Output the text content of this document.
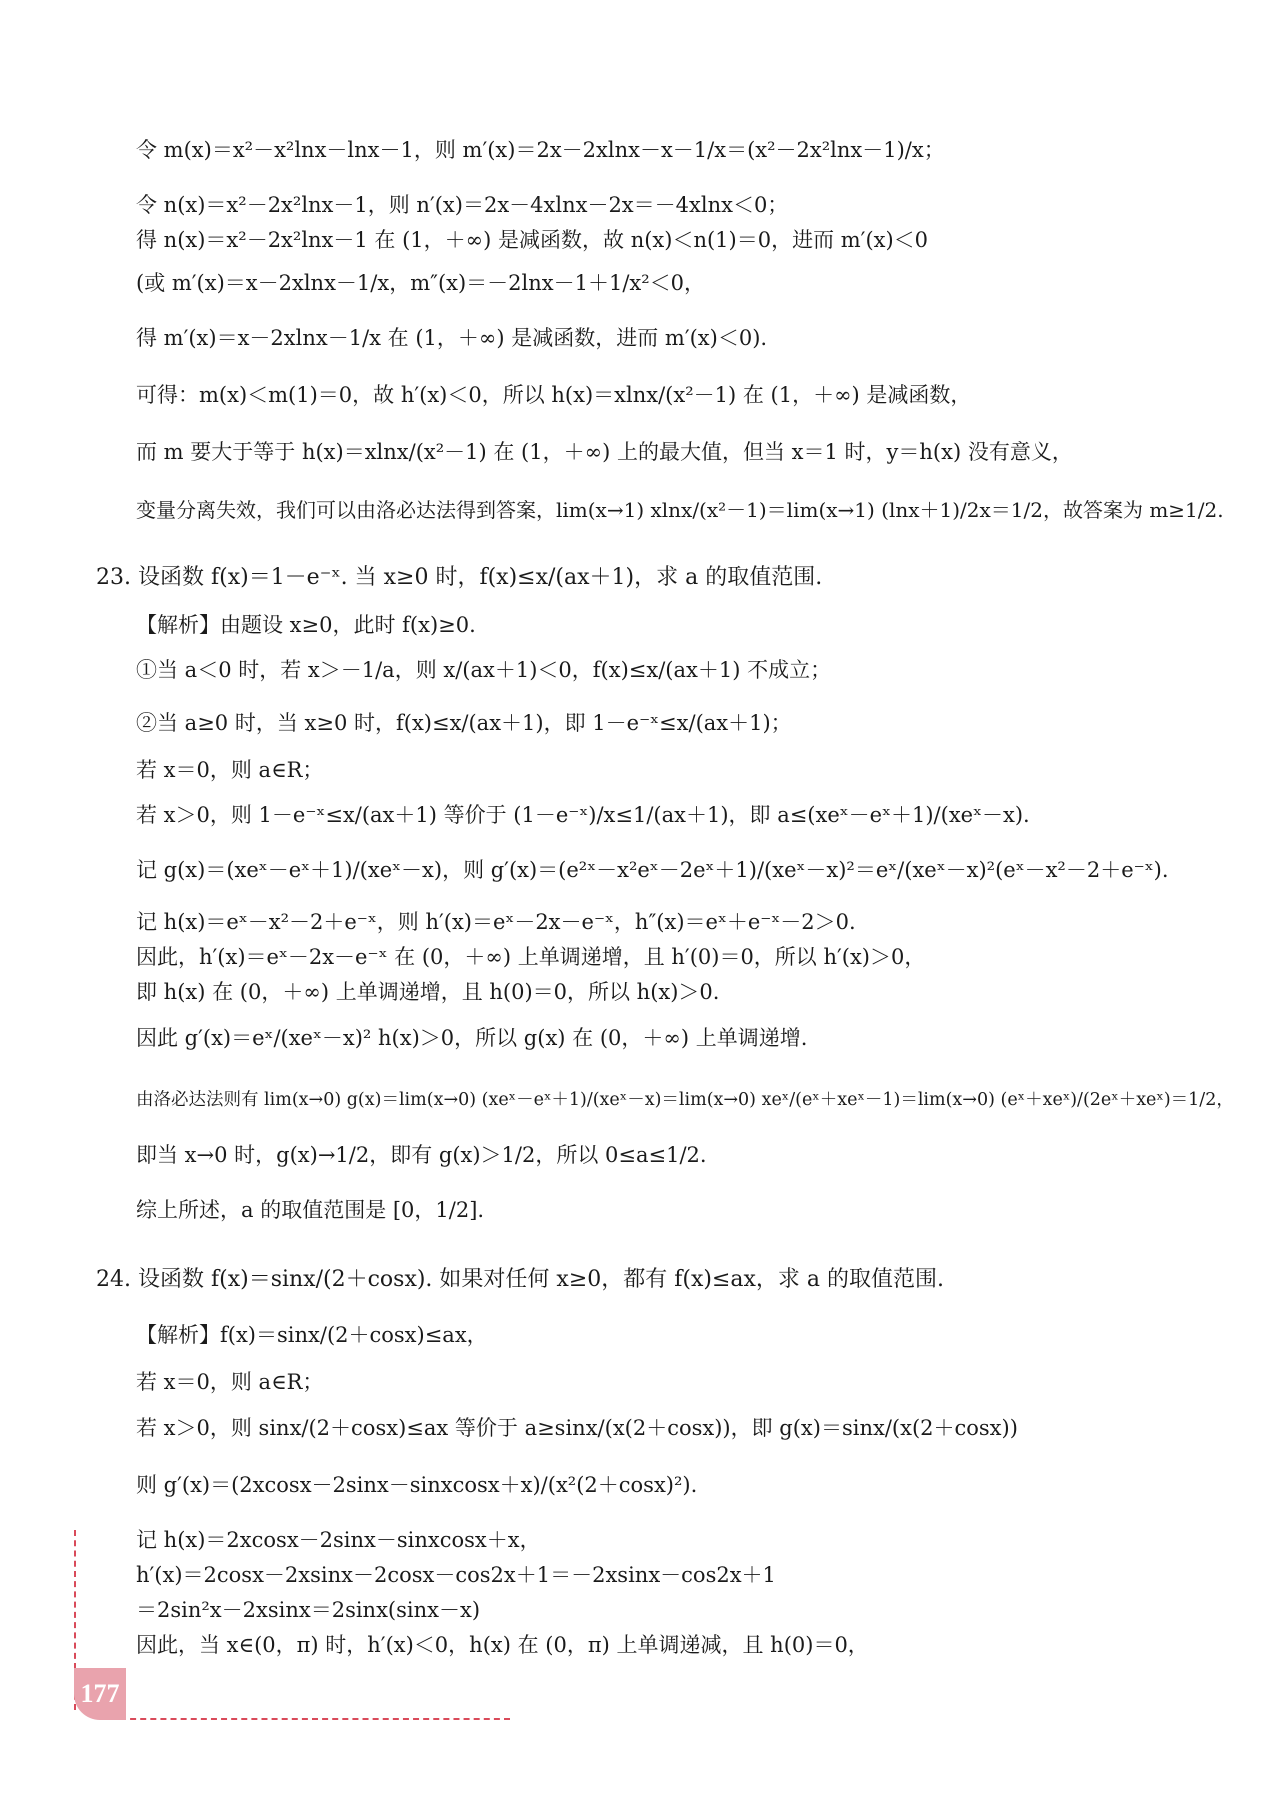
令 m(x)＝x²－x²lnx－lnx－1，则 m′(x)＝2x－2xlnx－x－1/x＝(x²－2x²lnx－1)/x；
令 n(x)＝x²－2x²lnx－1，则 n′(x)＝2x－4xlnx－2x＝－4xlnx＜0；
得 n(x)＝x²－2x²lnx－1 在 (1，＋∞) 是减函数，故 n(x)＜n(1)＝0，进而 m′(x)＜0
(或 m′(x)＝x－2xlnx－1/x，m″(x)＝－2lnx－1＋1/x²＜0，
得 m′(x)＝x－2xlnx－1/x 在 (1，＋∞) 是减函数，进而 m′(x)＜0).
可得：m(x)＜m(1)＝0，故 h′(x)＜0，所以 h(x)＝xlnx/(x²－1) 在 (1，＋∞) 是减函数，
而 m 要大于等于 h(x)＝xlnx/(x²－1) 在 (1，＋∞) 上的最大值，但当 x＝1 时，y＝h(x) 没有意义，
变量分离失效，我们可以由洛必达法得到答案，lim(x→1) xlnx/(x²－1)＝lim(x→1) (lnx＋1)/2x＝1/2，故答案为 m≥1/2.
23. 设函数 f(x)＝1－e⁻ˣ. 当 x≥0 时，f(x)≤x/(ax＋1)，求 a 的取值范围.
【解析】由题设 x≥0，此时 f(x)≥0.
①当 a＜0 时，若 x＞－1/a，则 x/(ax＋1)＜0，f(x)≤x/(ax＋1) 不成立；
②当 a≥0 时，当 x≥0 时，f(x)≤x/(ax＋1)，即 1－e⁻ˣ≤x/(ax＋1)；
若 x＝0，则 a∈R；
若 x＞0，则 1－e⁻ˣ≤x/(ax＋1) 等价于 (1－e⁻ˣ)/x≤1/(ax＋1)，即 a≤(xeˣ－eˣ＋1)/(xeˣ－x).
记 g(x)＝(xeˣ－eˣ＋1)/(xeˣ－x)，则 g′(x)＝(e²ˣ－x²eˣ－2eˣ＋1)/(xeˣ－x)²＝eˣ/(xeˣ－x)²(eˣ－x²－2＋e⁻ˣ).
记 h(x)＝eˣ－x²－2＋e⁻ˣ，则 h′(x)＝eˣ－2x－e⁻ˣ，h″(x)＝eˣ＋e⁻ˣ－2＞0.
因此，h′(x)＝eˣ－2x－e⁻ˣ 在 (0，＋∞) 上单调递增，且 h′(0)＝0，所以 h′(x)＞0，
即 h(x) 在 (0，＋∞) 上单调递增，且 h(0)＝0，所以 h(x)＞0.
因此 g′(x)＝eˣ/(xeˣ－x)² h(x)＞0，所以 g(x) 在 (0，＋∞) 上单调递增.
由洛必达法则有 lim(x→0) g(x)＝lim(x→0) (xeˣ－eˣ＋1)/(xeˣ－x)＝lim(x→0) xeˣ/(eˣ＋xeˣ－1)＝lim(x→0) (eˣ＋xeˣ)/(2eˣ＋xeˣ)＝1/2，
即当 x→0 时，g(x)→1/2，即有 g(x)＞1/2，所以 0≤a≤1/2.
综上所述，a 的取值范围是 [0，1/2].
24. 设函数 f(x)＝sinx/(2＋cosx). 如果对任何 x≥0，都有 f(x)≤ax，求 a 的取值范围.
【解析】f(x)＝sinx/(2＋cosx)≤ax，
若 x＝0，则 a∈R；
若 x＞0，则 sinx/(2＋cosx)≤ax 等价于 a≥sinx/(x(2＋cosx))，即 g(x)＝sinx/(x(2＋cosx))
则 g′(x)＝(2xcosx－2sinx－sinxcosx＋x)/(x²(2＋cosx)²).
记 h(x)＝2xcosx－2sinx－sinxcosx＋x，
h′(x)＝2cosx－2xsinx－2cosx－cos2x＋1＝－2xsinx－cos2x＋1
＝2sin²x－2xsinx＝2sinx(sinx－x)
因此，当 x∈(0，π) 时，h′(x)＜0，h(x) 在 (0，π) 上单调递减，且 h(0)＝0，
177
